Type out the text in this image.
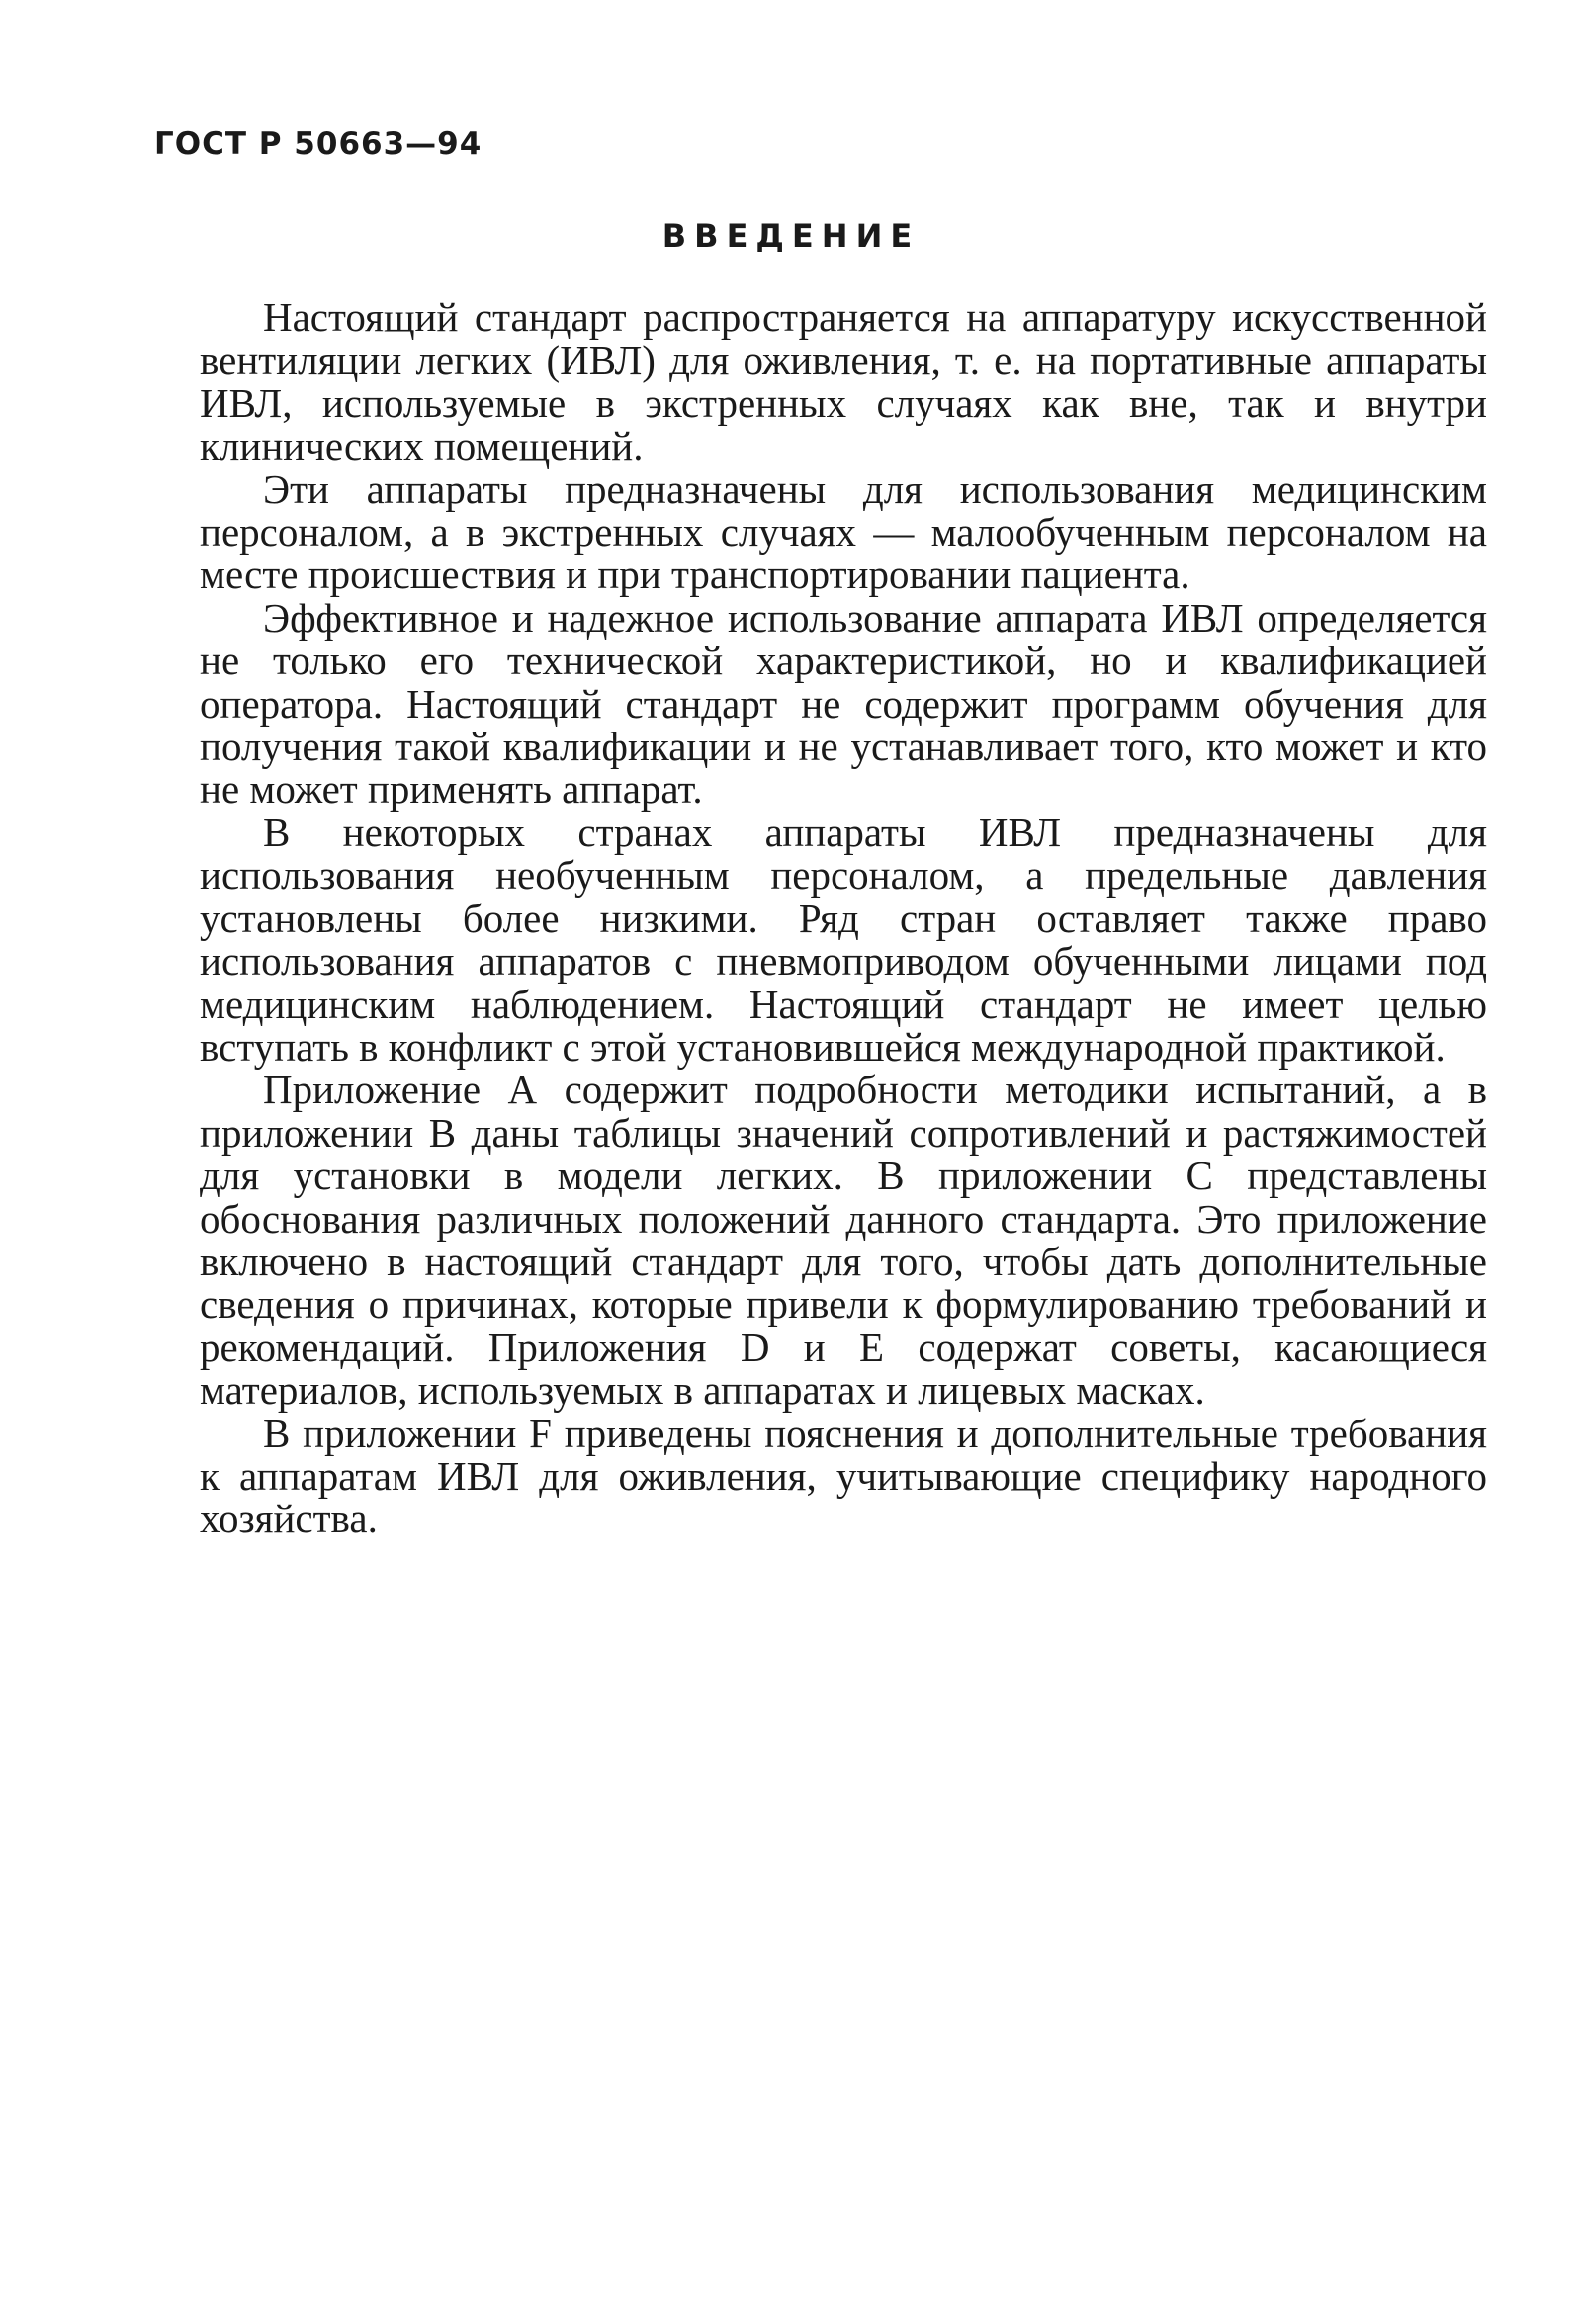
ГОСТ Р 50663—94
ВВЕДЕНИЕ

Настоящий стандарт распространяется на аппаратуру искусственной вентиляции легких (ИВЛ) для оживления, т. е. на портативные аппараты ИВЛ, используемые в экстренных случаях как вне, так и внутри клинических помещений.

Эти аппараты предназначены для использования медицинским персоналом, а в экстренных случаях — малообученным персоналом на месте происшествия и при транспортировании пациента.

Эффективное и надежное использование аппарата ИВЛ определяется не только его технической характеристикой, но и квалификацией оператора. Настоящий стандарт не содержит программ обучения для получения такой квалификации и не устанавливает того, кто может и кто не может применять аппарат.

В некоторых странах аппараты ИВЛ предназначены для использования необученным персоналом, а предельные давления установлены более низкими. Ряд стран оставляет также право использования аппаратов с пневмоприводом обученными лицами под медицинским наблюдением. Настоящий стандарт не имеет целью вступать в конфликт с этой установившейся международной практикой.

Приложение А содержит подробности методики испытаний, а в приложении В даны таблицы значений сопротивлений и растяжимостей для установки в модели легких. В приложении С представлены обоснования различных положений данного стандарта. Это приложение включено в настоящий стандарт для того, чтобы дать дополнительные сведения о причинах, которые привели к формулированию требований и рекомендаций. Приложения D и Е содержат советы, касающиеся материалов, используемых в аппаратах и лицевых масках.

В приложении F приведены пояснения и дополнительные требования к аппаратам ИВЛ для оживления, учитывающие специфику народного хозяйства.
